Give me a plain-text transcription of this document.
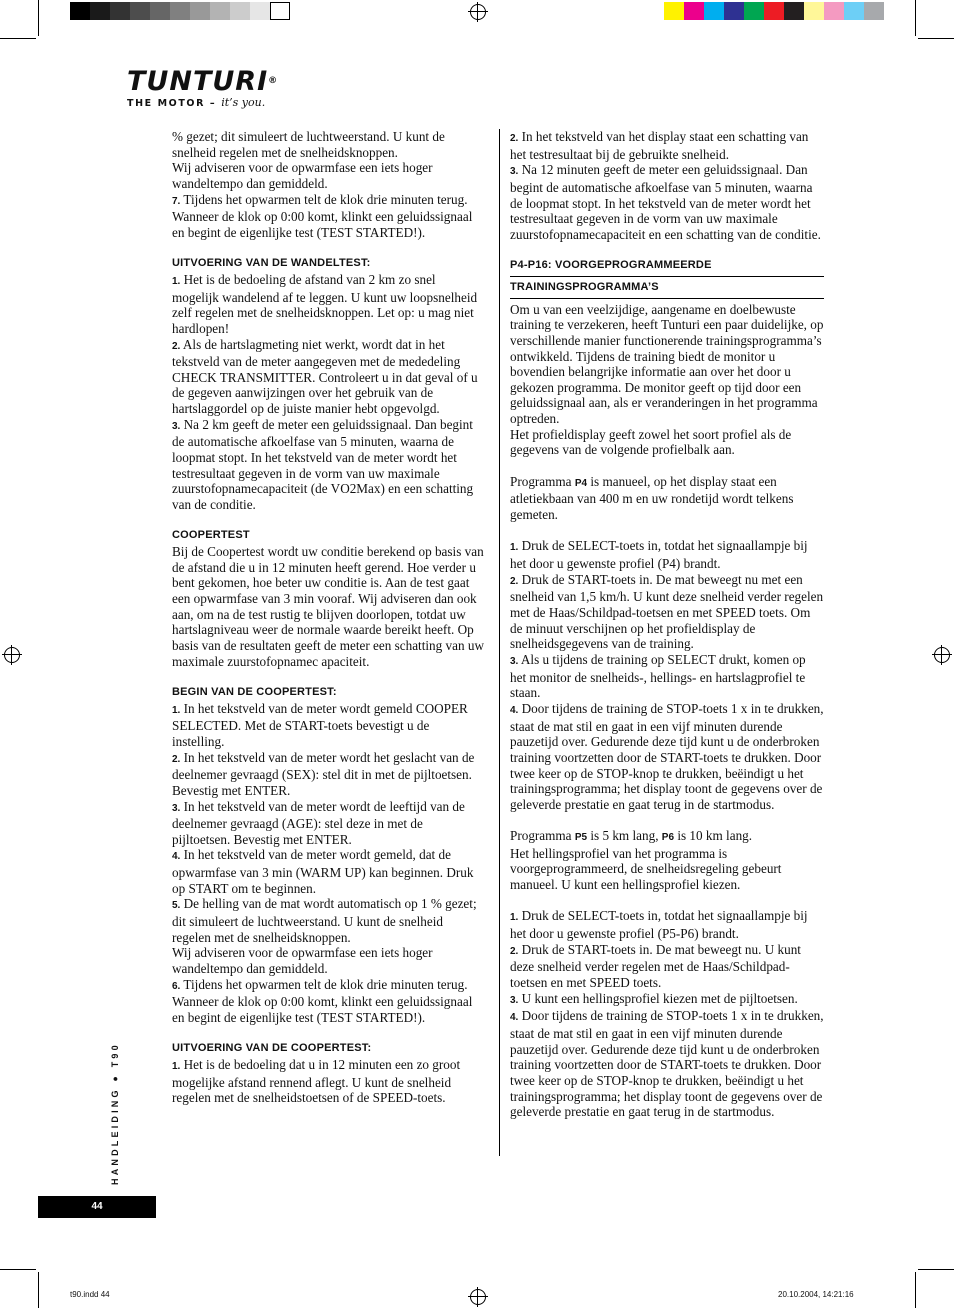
TUNTURI®
THE MOTOR – it’s you.

% gezet; dit simuleert de luchtweerstand. U kunt de snelheid regelen met de snelheidsknoppen.

Wij adviseren voor de opwarmfase een iets hoger wandeltempo dan gemiddeld.

7. Tijdens het opwarmen telt de klok drie minuten terug. Wanneer de klok op 0:00 komt, klinkt een geluidssignaal en begint de eigenlijke test (TEST STARTED!).

UITVOERING VAN DE WANDELTEST:

1. Het is de bedoeling de afstand van 2 km zo snel mogelijk wandelend af te leggen. U kunt uw loopsnelheid zelf regelen met de snelheidsknoppen. Let op: u mag niet hardlopen!

2. Als de hartslagmeting niet werkt, wordt dat in het tekstveld van de meter aangegeven met de mededeling CHECK TRANSMITTER. Controleert u in dat geval of u de gegeven aanwijzingen over het gebruik van de hartslaggordel op de juiste manier hebt opgevolgd.

3. Na 2 km geeft de meter een geluidssignaal. Dan begint de automatische afkoelfase van 5 minuten, waarna de loopmat stopt. In het tekstveld van de meter wordt het testresultaat gegeven in de vorm van uw maximale zuurstofopnamecapaciteit (de VO2Max) en een schatting van de conditie.

COOPERTEST

Bij de Coopertest wordt uw conditie berekend op basis van de afstand die u in 12 minuten heeft gerend. Hoe verder u bent gekomen, hoe beter uw conditie is. Aan de test gaat een opwarmfase van 3 min vooraf. Wij adviseren dan ook aan, om na de test rustig te blijven doorlopen, totdat uw hartslagniveau weer de normale waarde bereikt heeft. Op basis van de resultaten geeft de meter een schatting van uw maximale zuurstofopnamec apaciteit.

BEGIN VAN DE COOPERTEST:

1. In het tekstveld van de meter wordt gemeld COOPER SELECTED. Met de START-toets bevestigt u de instelling.

2. In het tekstveld van de meter wordt het geslacht van de deelnemer gevraagd (SEX): stel dit in met de pijltoetsen. Bevestig met ENTER.

3. In het tekstveld van de meter wordt de leeftijd van de deelnemer gevraagd (AGE): stel deze in met de pijltoetsen. Bevestig met ENTER.

4. In het tekstveld van de meter wordt gemeld, dat de opwarmfase van 3 min (WARM UP) kan beginnen. Druk op START om te beginnen.

5. De helling van de mat wordt automatisch op 1 % gezet; dit simuleert de luchtweerstand. U kunt de snelheid regelen met de snelheidsknoppen.

Wij adviseren voor de opwarmfase een iets hoger wandeltempo dan gemiddeld.

6. Tijdens het opwarmen telt de klok drie minuten terug. Wanneer de klok op 0:00 komt, klinkt een geluidssignaal en begint de eigenlijke test (TEST STARTED!).

UITVOERING VAN DE COOPERTEST:

1. Het is de bedoeling dat u in 12 minuten een zo groot mogelijke afstand rennend aflegt. U kunt de snelheid regelen met de snelheidstoetsen of de SPEED-toets.

2. In het tekstveld van het display staat een schatting van het testresultaat bij de gebruikte snelheid.

3. Na 12 minuten geeft de meter een geluidssignaal. Dan begint de automatische afkoelfase van 5 minuten, waarna de loopmat stopt. In het tekstveld van de meter wordt het testresultaat gegeven in de vorm van uw maximale zuurstofopnamecapaciteit en een schatting van de conditie.

P4-P16: VOORGEPROGRAMMEERDE

TRAININGSPROGRAMMA’S

Om u van een veelzijdige, aangename en doelbewuste training te verzekeren, heeft Tunturi een paar duidelijke, op verschillende manier functionerende trainingsprogramma’s ontwikkeld. Tijdens de training biedt de monitor u bovendien belangrijke informatie aan over het door u gekozen programma. De monitor geeft op tijd door een geluidssignaal aan, als er veranderingen in het programma optreden.

Het profieldisplay geeft zowel het soort profiel als de gegevens van de volgende profielbalk aan.

Programma P4 is manueel, op het display staat een atletiekbaan van 400 m en uw rondetijd wordt telkens gemeten.

1. Druk de SELECT-toets in, totdat het signaallampje bij het door u gewenste profiel (P4) brandt.

2. Druk de START-toets in. De mat beweegt nu met een snelheid van 1,5 km/h. U kunt deze snelheid verder regelen met de Haas/Schildpad-toetsen en met SPEED toets. Om de minuut verschijnen op het profieldisplay de snelheidsgegevens van de training.

3. Als u tijdens de training op SELECT drukt, komen op het monitor de snelheids-, hellings- en hartslagprofiel te staan.

4. Door tijdens de training de STOP-toets 1 x in te drukken, staat de mat stil en gaat in een vijf minuten durende pauzetijd over. Gedurende deze tijd kunt u de onderbroken training voortzetten door de START-toets te drukken. Door twee keer op de STOP-knop te drukken, beëindigt u het trainingsprogramma; het display toont de gegevens over de geleverde prestatie en gaat terug in de startmodus.

Programma P5 is 5 km lang, P6 is 10 km lang.

Het hellingsprofiel van het programma is voorgeprogrammeerd, de snelheidsregeling gebeurt manueel. U kunt een hellingsprofiel kiezen.

1. Druk de SELECT-toets in, totdat het signaallampje bij het door u gewenste profiel (P5-P6) brandt.

2. Druk de START-toets in. De mat beweegt nu. U kunt deze snelheid verder regelen met de Haas/Schildpad-toetsen en met SPEED toets.

3. U kunt een hellingsprofiel kiezen met de pijltoetsen.

4. Door tijdens de training de STOP-toets 1 x in te drukken, staat de mat stil en gaat in een vijf minuten durende pauzetijd over. Gedurende deze tijd kunt u de onderbroken training voortzetten door de START-toets te drukken. Door twee keer op de STOP-knop te drukken, beëindigt u het trainingsprogramma; het display toont de gegevens over de geleverde prestatie en gaat terug in de startmodus.

HANDLEIDING ● T90
44
t90.indd 44	20.10.2004, 14:21:16
